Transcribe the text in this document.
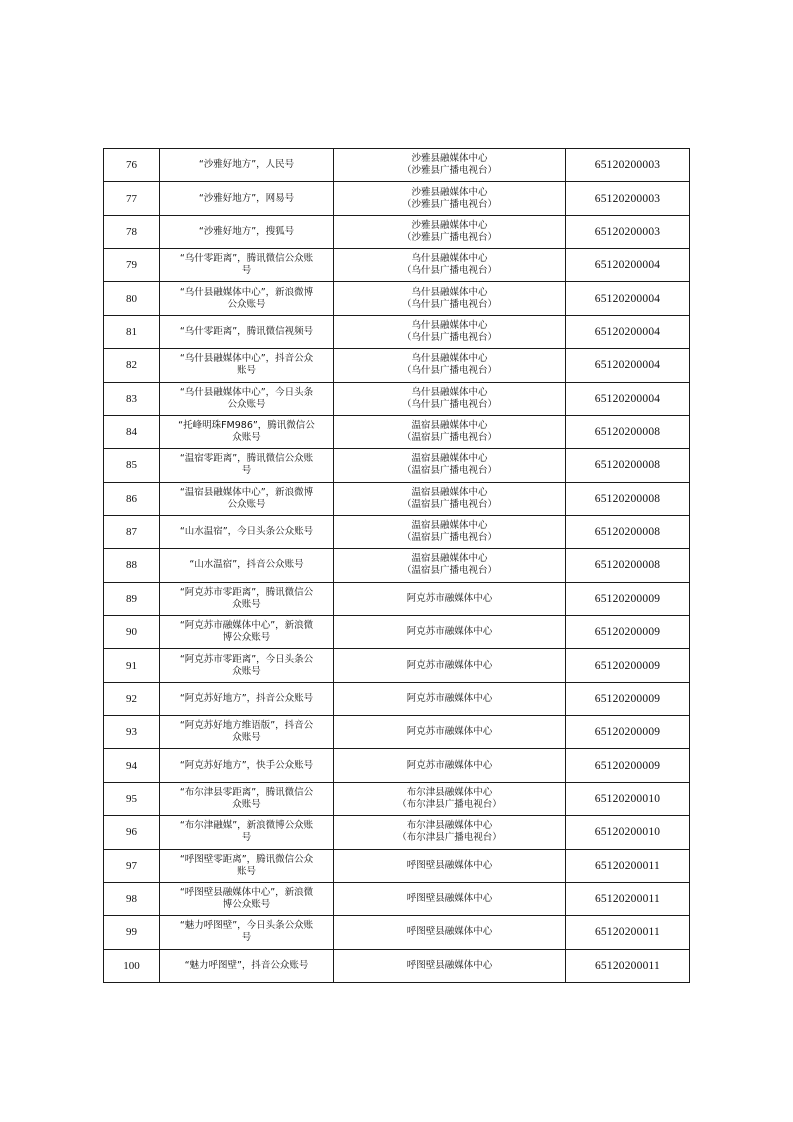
76	“沙雅好地方”，人民号	沙雅县融媒体中心
（沙雅县广播电视台）	65120200003
77	“沙雅好地方”，网易号	沙雅县融媒体中心
（沙雅县广播电视台）	65120200003
78	“沙雅好地方”，搜狐号	沙雅县融媒体中心
（沙雅县广播电视台）	65120200003
79	“乌什零距离”，腾讯微信公众账
号	乌什县融媒体中心
（乌什县广播电视台）	65120200004
80	“乌什县融媒体中心”，新浪微博
公众账号	乌什县融媒体中心
（乌什县广播电视台）	65120200004
81	“乌什零距离”，腾讯微信视频号	乌什县融媒体中心
（乌什县广播电视台）	65120200004
82	“乌什县融媒体中心”，抖音公众
账号	乌什县融媒体中心
（乌什县广播电视台）	65120200004
83	“乌什县融媒体中心”，今日头条
公众账号	乌什县融媒体中心
（乌什县广播电视台）	65120200004
84	“托峰明珠FM986”，腾讯微信公
众账号	温宿县融媒体中心
（温宿县广播电视台）	65120200008
85	“温宿零距离”，腾讯微信公众账
号	温宿县融媒体中心
（温宿县广播电视台）	65120200008
86	“温宿县融媒体中心”，新浪微博
公众账号	温宿县融媒体中心
（温宿县广播电视台）	65120200008
87	“山水温宿”，今日头条公众账号	温宿县融媒体中心
（温宿县广播电视台）	65120200008
88	“山水温宿”，抖音公众账号	温宿县融媒体中心
（温宿县广播电视台）	65120200008
89	“阿克苏市零距离”，腾讯微信公
众账号	阿克苏市融媒体中心	65120200009
90	“阿克苏市融媒体中心”，新浪微
博公众账号	阿克苏市融媒体中心	65120200009
91	“阿克苏市零距离”，今日头条公
众账号	阿克苏市融媒体中心	65120200009
92	“阿克苏好地方”，抖音公众账号	阿克苏市融媒体中心	65120200009
93	“阿克苏好地方维语版”，抖音公
众账号	阿克苏市融媒体中心	65120200009
94	“阿克苏好地方”，快手公众账号	阿克苏市融媒体中心	65120200009
95	“布尔津县零距离”，腾讯微信公
众账号	布尔津县融媒体中心
（布尔津县广播电视台）	65120200010
96	“布尔津融媒”，新浪微博公众账
号	布尔津县融媒体中心
（布尔津县广播电视台）	65120200010
97	“呼图壁零距离”，腾讯微信公众
账号	呼图壁县融媒体中心	65120200011
98	“呼图壁县融媒体中心”，新浪微
博公众账号	呼图壁县融媒体中心	65120200011
99	“魅力呼图壁”，今日头条公众账
号	呼图壁县融媒体中心	65120200011
100	“魅力呼图壁”，抖音公众账号	呼图壁县融媒体中心	65120200011
